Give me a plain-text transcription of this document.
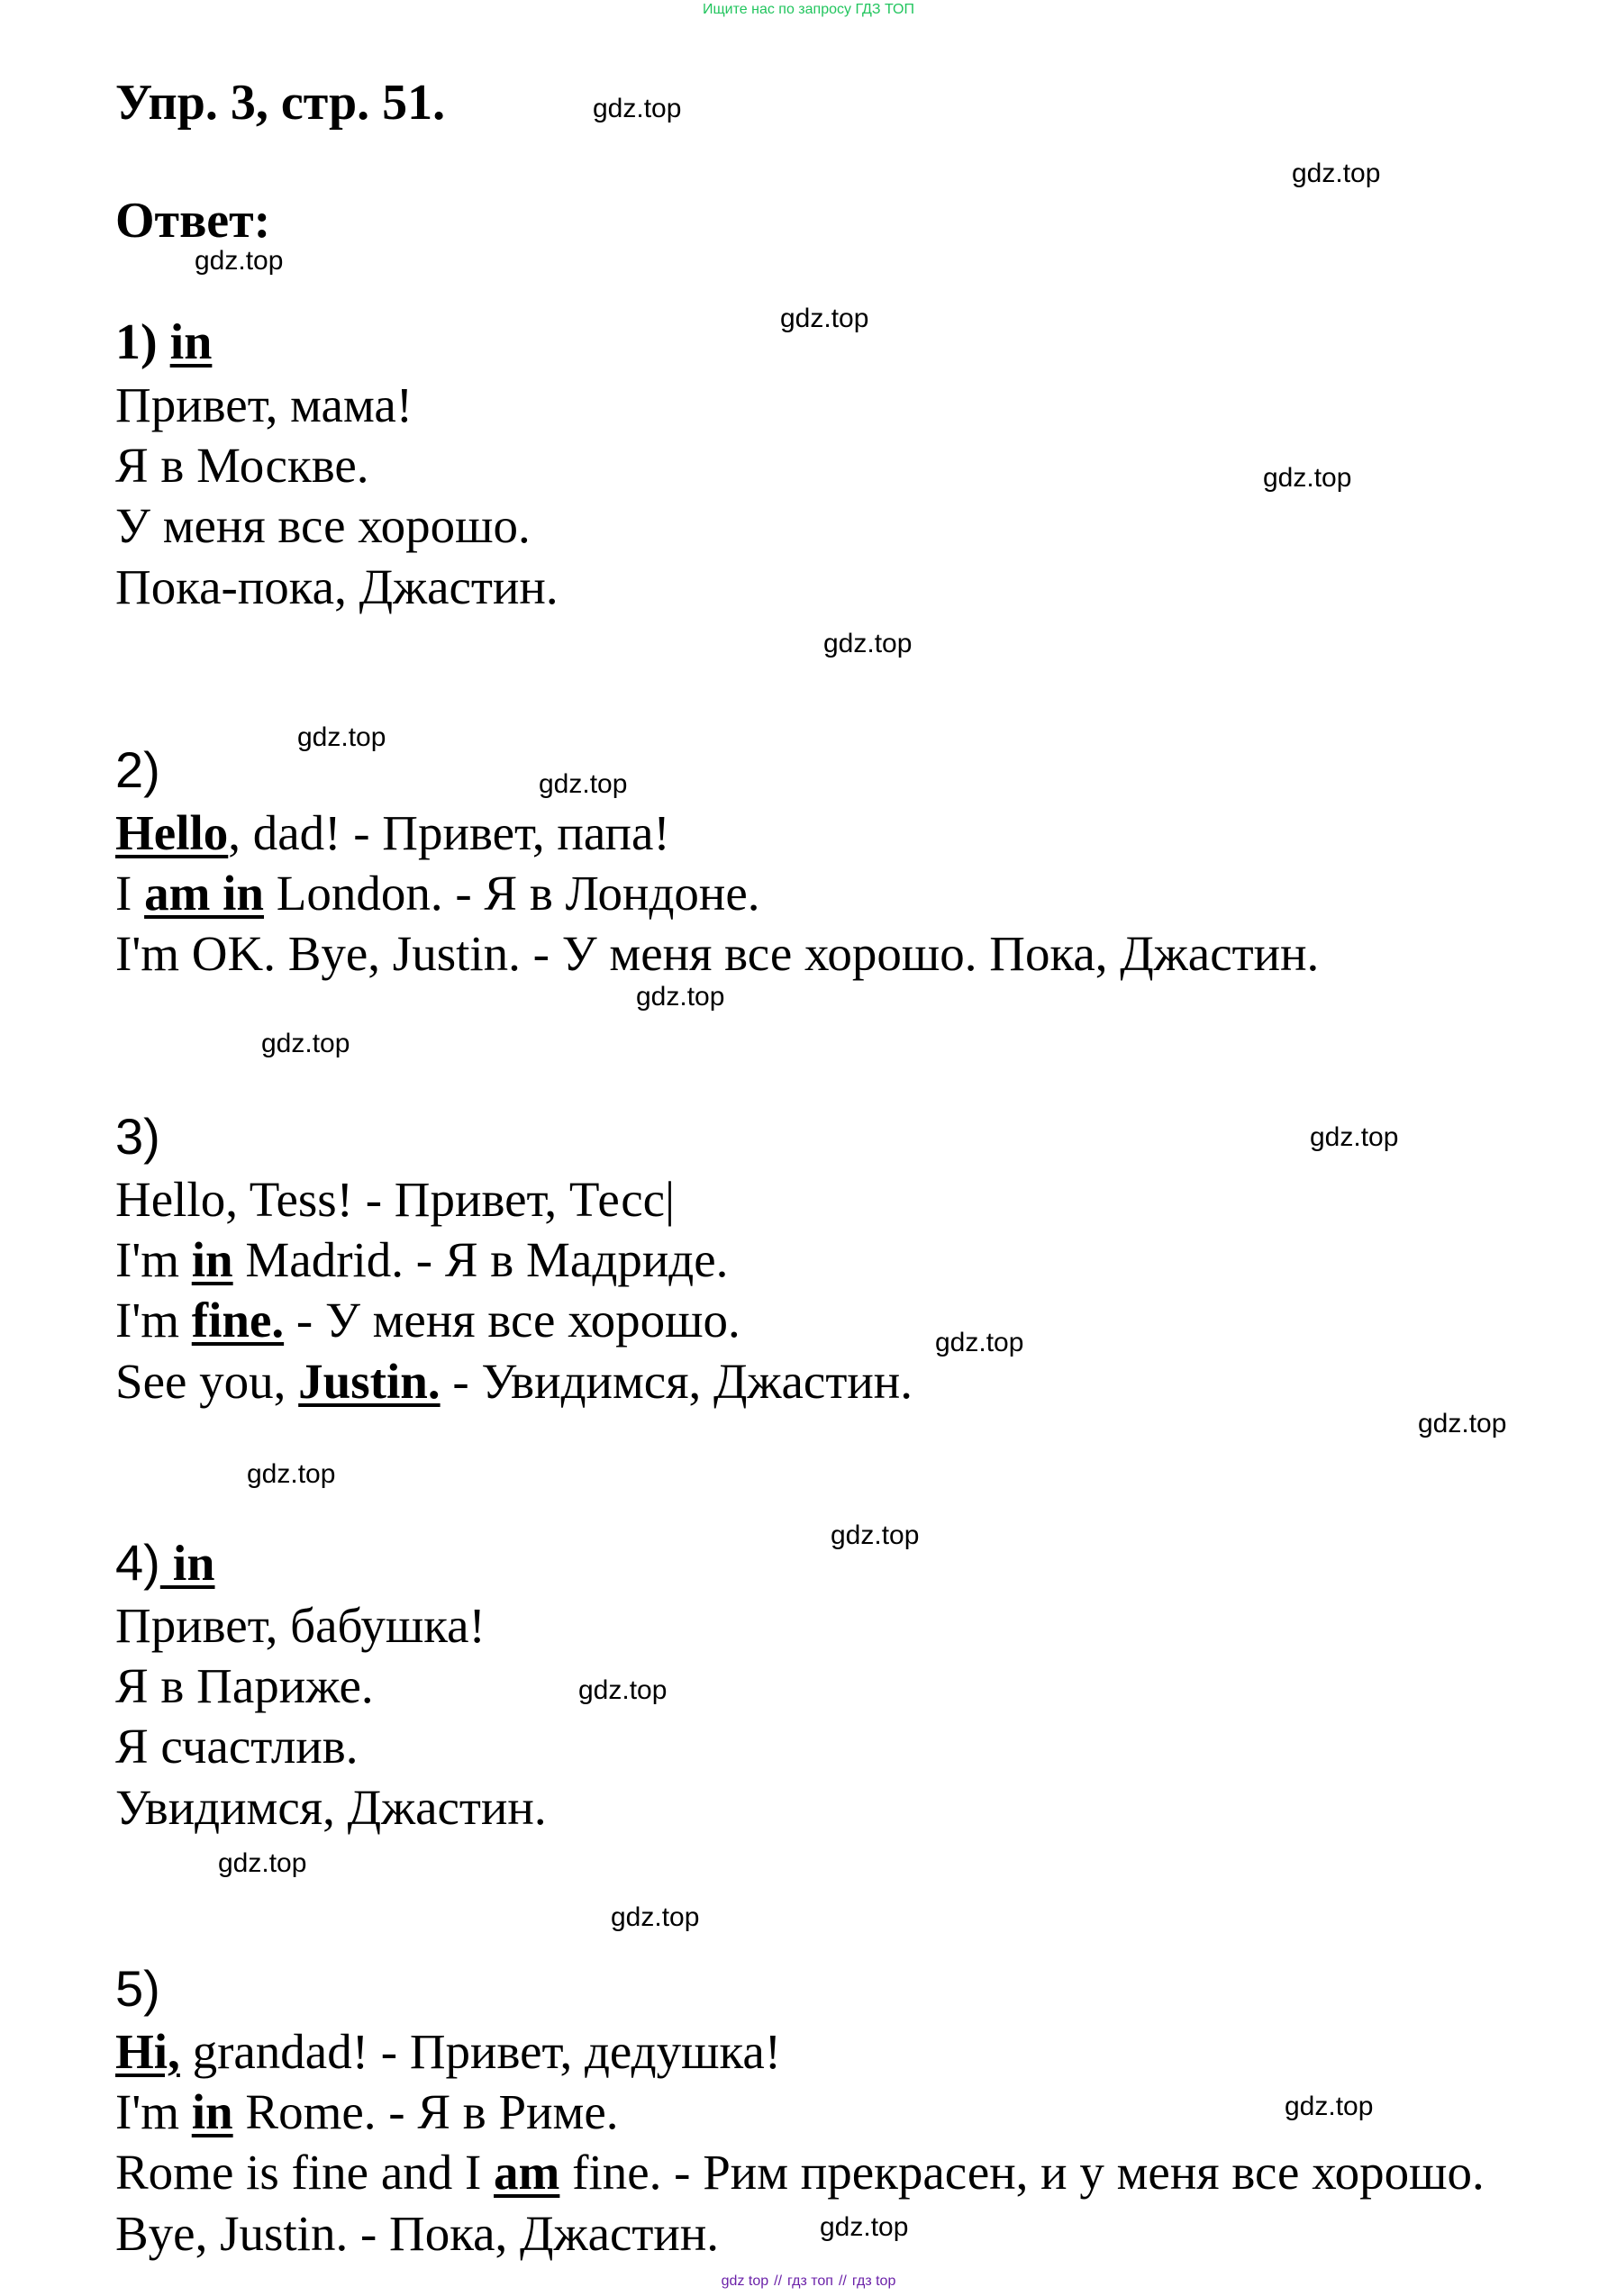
Ищите нас по запросу ГДЗ ТОП
Упр. 3, стр. 51.
Ответ:
1) in
Привет, мама!
Я в Москве.
У меня все хорошо.
Пока-пока, Джастин.
2)
Hello, dad! - Привет, папа!
I am in London. - Я в Лондоне.
I'm OK. Bye, Justin. - У меня все хорошо. Пока, Джастин.
3)
Hello, Tess! - Привет, Тесс|
I'm in Madrid. - Я в Мадриде.
I'm fine. - У меня все хорошо.
See you, Justin. - Увидимся, Джастин.
4) in
Привет, бабушка!
Я в Париже.
Я счастлив.
Увидимся, Джастин.
5)
Hi, grandad! - Привет, дедушка!
I'm in Rome. - Я в Риме.
Rome is fine and I am fine. - Рим прекрасен, и у меня все хорошо.
Bye, Justin. - Пока, Джастин.
gdz.top
gdz.top
gdz.top
gdz.top
gdz.top
gdz.top
gdz.top
gdz.top
gdz.top
gdz.top
gdz.top
gdz.top
gdz.top
gdz.top
gdz.top
gdz.top
gdz.top
gdz.top
gdz.top
gdz.top
gdz top // гдз топ // гдз top
